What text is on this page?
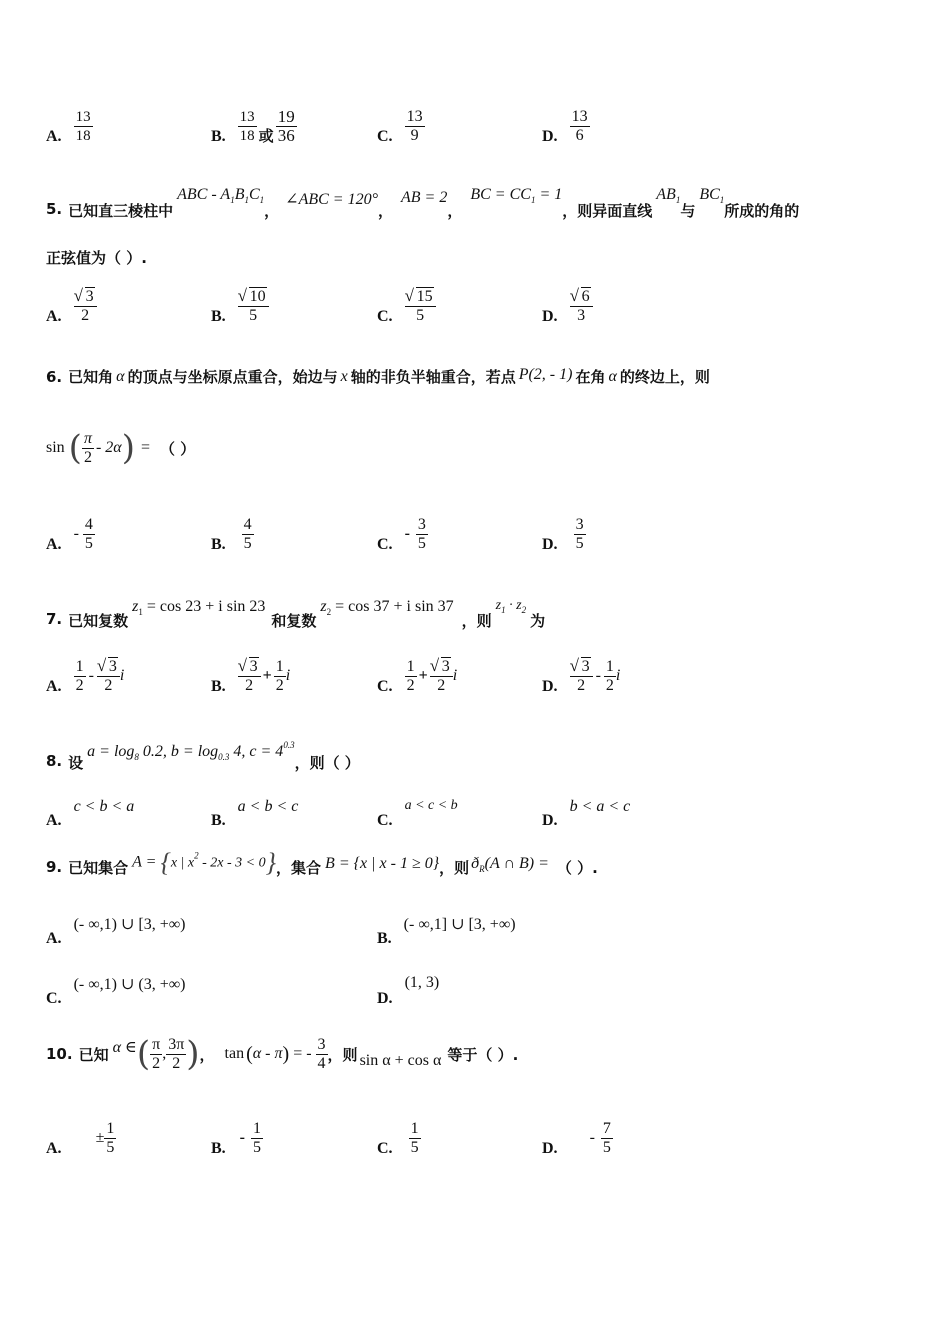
A. $\frac{13}{18}$	B. $\frac{13}{18}$ 或 $\frac{19}{36}$	C. $\frac{13}{9}$	D. $\frac{13}{6}$
5. 已知直三棱柱中
ABC - $A_1B_1C_1$
，
∠ABC = 120°
，
AB = 2
，
BC = $CC_1 = 1$
，则异面直线
$AB_1$
与
$BC_1$
所成的角的
正弦值为（ ）.
A. √ $\frac{3}{2}$	B. √ $\frac{10}{5}$	C. √ $\frac{15}{5}$	D. √ $\frac{6}{3}$
6. 已知角 α 的顶点与坐标原点重合，始边与 x 轴的非负半轴重合，若点 P(2, - 1) 在角 α 的终边上，则
sin ( $\frac{\pi}{2} - 2\alpha$ ) = （ ）
A.
- $\frac{4}{5}$	B. $\frac{4}{5}$	C.
- $\frac{3}{5}$	D. $\frac{3}{5}$
7. 已知复数
$z_1 = \cos 23 + i$ sin 23
和复数
$z_2 = \cos 37 + i$ sin 37
，则
$z_1 \cdot z_2$
为
A. $\frac{1}{2}$ - √ $\frac{3}{2}$ i
B. √ $\frac{3}{2} + \frac{1}{2}$ i
C. $\frac{1}{2}$ + √ $\frac{3}{2}$ i
D. √ $\frac{3}{2} - \frac{1}{2}$ i
8. 设
$a = \log_8 0.2$, $b = \log_{0.3} 4$, $c = 4^{0.3}$
，则（ ）
A.
c < b < a
B.
a < b < c
C.
a < c < b
D.
b < a < c
9. 已知集合 A = {x | $x^2 - 2x - 3 < 0$} ，集合 B = {x | x - 1 ≥ 0} ，则 $ð_R(A$ ∩ B) = （ ）.
A.
(- ∞,1) ∪ [3, +∞)
B.
(- ∞,1] ∪ [3, +∞)
C.
(- ∞,1) ∪ (3, +∞)
D.
(1, 3)
10. 已知 α ∈ ( $\frac{\pi}{2}$ , $\frac{3\pi}{2}$ ) ， tan ( α - π ) = - $\frac{3}{4}$ ，则 sin α + cos α 等于（ ）.
A.
± $\frac{1}{5}$	B.
- $\frac{1}{5}$	C. $\frac{1}{5}$	D.
- $\frac{7}{5}$
